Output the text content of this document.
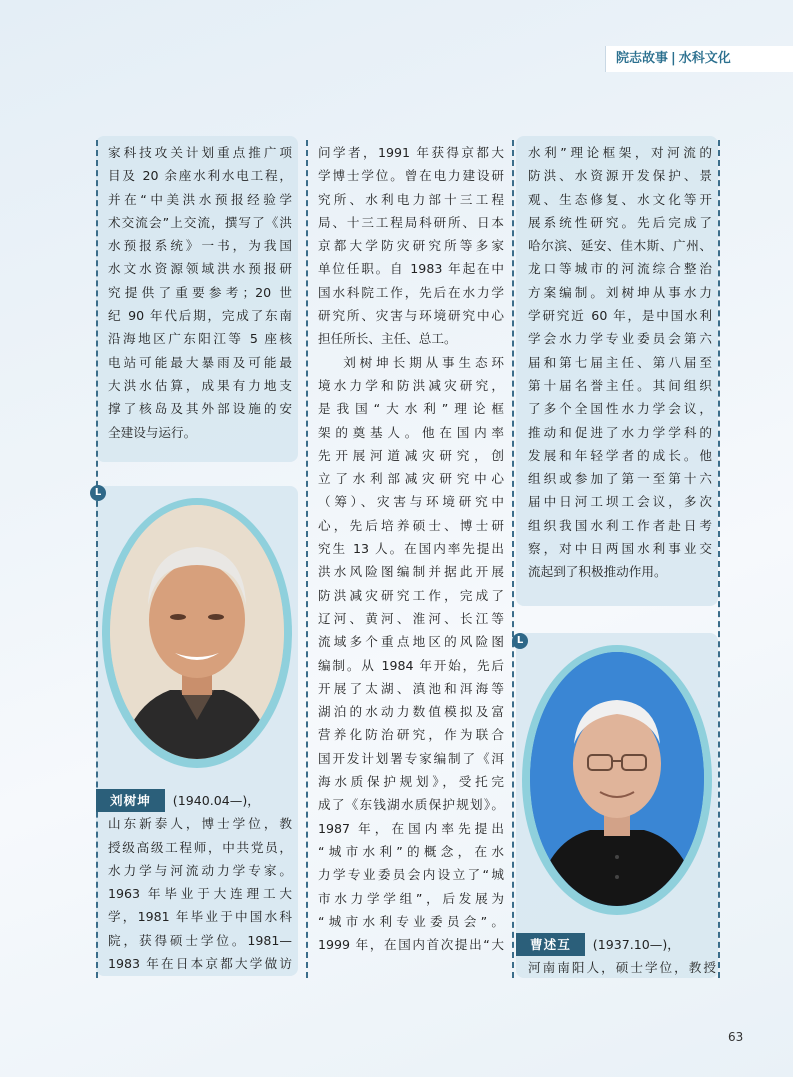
院志故事 | 水科文化
L
L
家科技攻关计划重点推广项
目及 20 余座水利水电工程，
并在“中美洪水预报经验学
术交流会”上交流，撰写了《洪
水预报系统》一书，为我国
水文水资源领域洪水预报研
究提供了重要参考；20 世
纪 90 年代后期，完成了东南
沿海地区广东阳江等 5 座核
电站可能最大暴雨及可能最
大洪水估算，成果有力地支
撑了核岛及其外部设施的安
全建设与运行。

刘树坤 (1940.04—)，

山东新泰人，博士学位，教
授级高级工程师，中共党员，
水力学与河流动力学专家。
1963 年毕业于大连理工大
学，1981 年毕业于中国水科
院，获得硕士学位。1981—
1983 年在日本京都大学做访
问学者，1991 年获得京都大
学博士学位。曾在电力建设研
究所、水利电力部十三工程
局、十三工程局科研所、日本
京都大学防灾研究所等多家
单位任职。自 1983 年起在中
国水科院工作，先后在水力学
研究所、灾害与环境研究中心
担任所长、主任、总工。
刘树坤长期从事生态环
境水力学和防洪减灾研究，
是我国“大水利”理论框
架的奠基人。他在国内率
先开展河道减灾研究，创
立了水利部减灾研究中心
（筹）、灾害与环境研究中
心，先后培养硕士、博士研
究生 13 人。在国内率先提出
洪水风险图编制并据此开展
防洪减灾研究工作，完成了
辽河、黄河、淮河、长江等
流域多个重点地区的风险图
编制。从 1984 年开始，先后
开展了太湖、滇池和洱海等
湖泊的水动力数值模拟及富
营养化防治研究，作为联合
国开发计划署专家编制了《洱
海水质保护规划》，受托完
成了《东钱湖水质保护规划》。
1987 年，在国内率先提出
“城市水利”的概念，在水
力学专业委员会内设立了“城
市水力学学组”，后发展为
“城市水利专业委员会”。
1999 年，在国内首次提出“大
水利”理论框架，对河流的
防洪、水资源开发保护、景
观、生态修复、水文化等开
展系统性研究。先后完成了
哈尔滨、延安、佳木斯、广州、
龙口等城市的河流综合整治
方案编制。刘树坤从事水力
学研究近 60 年，是中国水利
学会水力学专业委员会第六
届和第七届主任、第八届至
第十届名誉主任。其间组织
了多个全国性水力学会议，
推动和促进了水力学学科的
发展和年轻学者的成长。他
组织或参加了第一至第十六
届中日河工坝工会议，多次
组织我国水利工作者赴日考
察，对中日两国水利事业交
流起到了积极推动作用。

曹述互 (1937.10—)，

河南南阳人，硕士学位，教授
63
